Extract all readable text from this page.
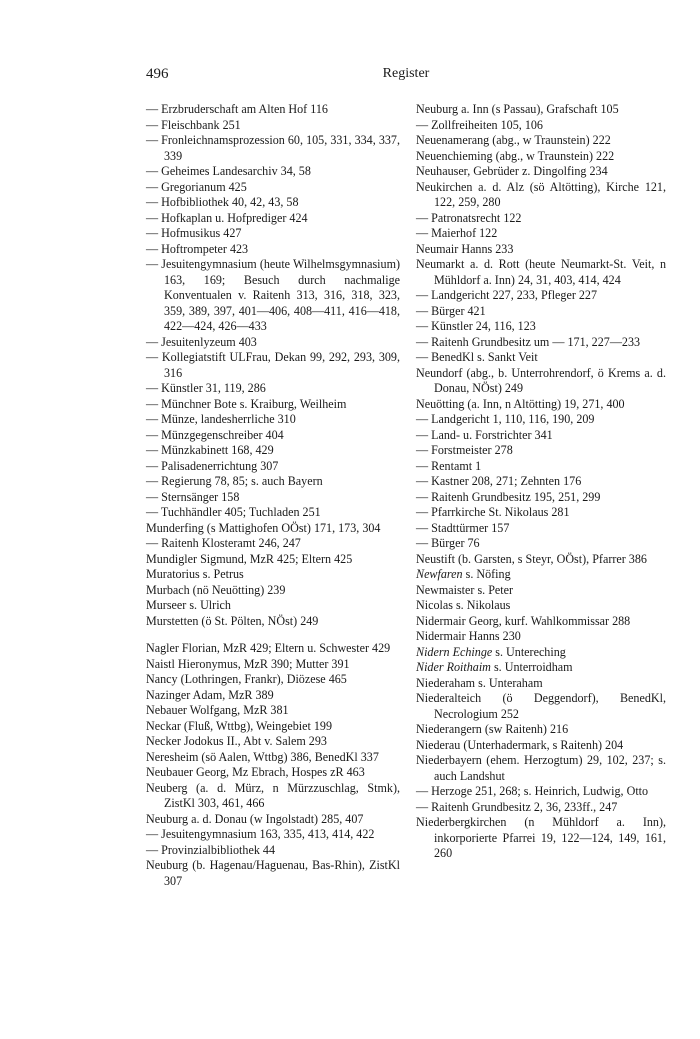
496	Register
— Erzbruderschaft am Alten Hof 116
— Fleischbank 251
— Fronleichnamsprozession 60, 105, 331, 334, 337, 339
— Geheimes Landesarchiv 34, 58
— Gregorianum 425
— Hofbibliothek 40, 42, 43, 58
— Hofkaplan u. Hofprediger 424
— Hofmusikus 427
— Hoftrompeter 423
— Jesuitengymnasium (heute Wilhelmsgymnasium) 163, 169; Besuch durch nachmalige Konventualen v. Raitenh 313, 316, 318, 323, 359, 389, 397, 401—406, 408—411, 416—418, 422—424, 426—433
— Jesuitenlyzeum 403
— Kollegiatstift ULFrau, Dekan 99, 292, 293, 309, 316
— Künstler 31, 119, 286
— Münchner Bote s. Kraiburg, Weilheim
— Münze, landesherrliche 310
— Münzgegenschreiber 404
— Münzkabinett 168, 429
— Palisadenerrichtung 307
— Regierung 78, 85; s. auch Bayern
— Sternsänger 158
— Tuchhändler 405; Tuchladen 251
Munderfing (s Mattighofen OÖst) 171, 173, 304
— Raitenh Klosteramt 246, 247
Mundigler Sigmund, MzR 425; Eltern 425
Muratorius s. Petrus
Murbach (nö Neuötting) 239
Murseer s. Ulrich
Murstetten (ö St. Pölten, NÖst) 249
Nagler Florian, MzR 429; Eltern u. Schwester 429
Naistl Hieronymus, MzR 390; Mutter 391
Nancy (Lothringen, Frankr), Diözese 465
Nazinger Adam, MzR 389
Nebauer Wolfgang, MzR 381
Neckar (Fluß, Wttbg), Weingebiet 199
Necker Jodokus II., Abt v. Salem 293
Neresheim (sö Aalen, Wttbg) 386, BenedKl 337
Neubauer Georg, Mz Ebrach, Hospes zR 463
Neuberg (a. d. Mürz, n Mürzzuschlag, Stmk), ZistKl 303, 461, 466
Neuburg a. d. Donau (w Ingolstadt) 285, 407
— Jesuitengymnasium 163, 335, 413, 414, 422
— Provinzialbibliothek 44
Neuburg (b. Hagenau/Haguenau, Bas-Rhin), ZistKl 307
Neuburg a. Inn (s Passau), Grafschaft 105
— Zollfreiheiten 105, 106
Neuenamerang (abg., w Traunstein) 222
Neuenchieming (abg., w Traunstein) 222
Neuhauser, Gebrüder z. Dingolfing 234
Neukirchen a. d. Alz (sö Altötting), Kirche 121, 122, 259, 280
— Patronatsrecht 122
— Maierhof 122
Neumair Hanns 233
Neumarkt a. d. Rott (heute Neumarkt-St. Veit, n Mühldorf a. Inn) 24, 31, 403, 414, 424
— Landgericht 227, 233, Pfleger 227
— Bürger 421
— Künstler 24, 116, 123
— Raitenh Grundbesitz um — 171, 227—233
— BenedKl s. Sankt Veit
Neundorf (abg., b. Unterrohrendorf, ö Krems a. d. Donau, NÖst) 249
Neuötting (a. Inn, n Altötting) 19, 271, 400
— Landgericht 1, 110, 116, 190, 209
— Land- u. Forstrichter 341
— Forstmeister 278
— Rentamt 1
— Kastner 208, 271; Zehnten 176
— Raitenh Grundbesitz 195, 251, 299
— Pfarrkirche St. Nikolaus 281
— Stadttürmer 157
— Bürger 76
Neustift (b. Garsten, s Steyr, OÖst), Pfarrer 386
Newfaren s. Nöfing
Newmaister s. Peter
Nicolas s. Nikolaus
Nidermair Georg, kurf. Wahlkommissar 288
Nidermair Hanns 230
Nidern Echinge s. Untereching
Nider Roithaim s. Unterroidham
Niederaham s. Unteraham
Niederalteich (ö Deggendorf), BenedKl, Necrologium 252
Niederangern (sw Raitenh) 216
Niederau (Unterhadermark, s Raitenh) 204
Niederbayern (ehem. Herzogtum) 29, 102, 237; s. auch Landshut
— Herzoge 251, 268; s. Heinrich, Ludwig, Otto
— Raitenh Grundbesitz 2, 36, 233ff., 247
Niederbergkirchen (n Mühldorf a. Inn), inkorporierte Pfarrei 19, 122—124, 149, 161, 260
